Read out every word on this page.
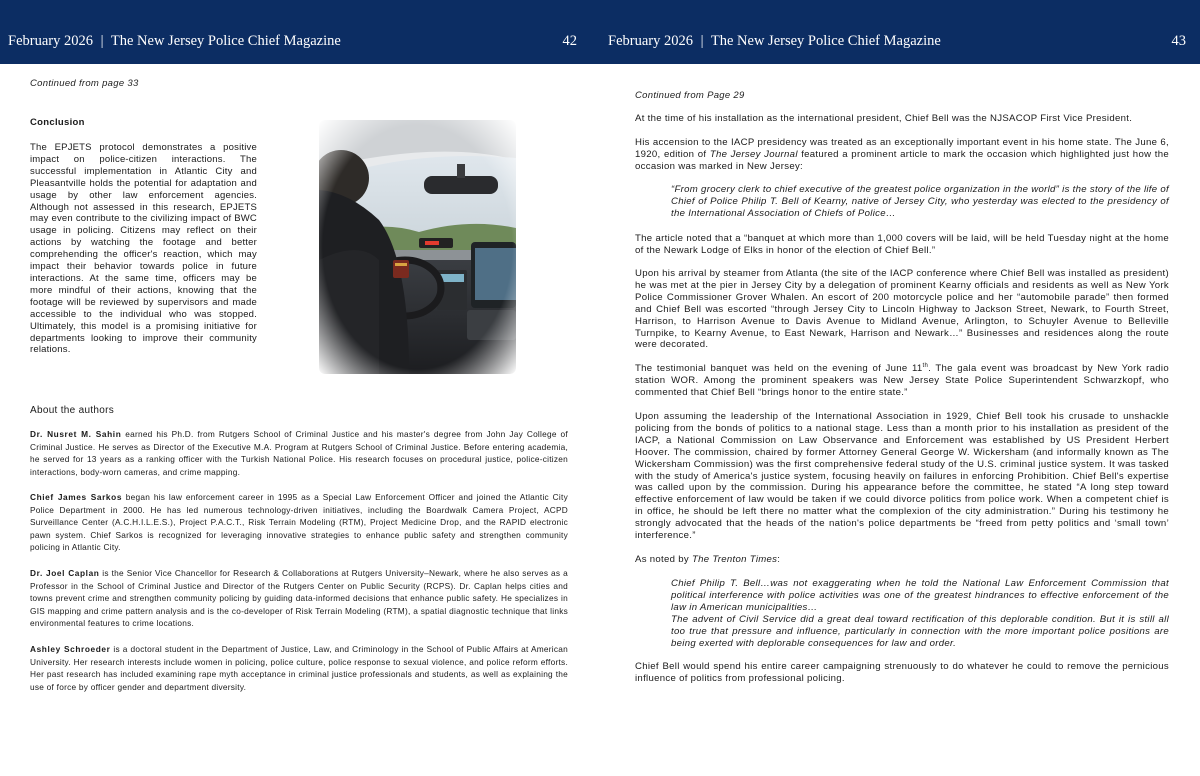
February 2026 | The New Jersey Police Chief Magazine	42
Continued from page 33
Conclusion

The EPJETS protocol demonstrates a positive impact on police-citizen interactions. The successful implementation in Atlantic City and Pleasantville holds the potential for adaptation and usage by other law enforcement agencies. Although not assessed in this research, EPJETS may even contribute to the civilizing impact of BWC usage in policing. Citizens may reflect on their actions by watching the footage and better comprehending the officer's reaction, which may impact their behavior towards police in future interactions. At the same time, officers may be more mindful of their actions, knowing that the footage will be reviewed by supervisors and made accessible to the individual who was stopped. Ultimately, this model is a promising initiative for departments looking to improve their community relations.

About the authors

Dr. Nusret M. Sahin earned his Ph.D. from Rutgers School of Criminal Justice and his master's degree from John Jay College of Criminal Justice. He serves as Director of the Executive M.A. Program at Rutgers School of Criminal Justice. Before entering academia, he served for 13 years as a ranking officer with the Turkish National Police. His research focuses on procedural justice, police-citizen interactions, body-worn cameras, and crime mapping.

Chief James Sarkos began his law enforcement career in 1995 as a Special Law Enforcement Officer and joined the Atlantic City Police Department in 2000. He has led numerous technology-driven initiatives, including the Boardwalk Camera Project, ACPD Surveillance Center (A.C.H.I.L.E.S.), Project P.A.C.T., Risk Terrain Modeling (RTM), Project Medicine Drop, and the RAPID electronic pawn system. Chief Sarkos is recognized for leveraging innovative strategies to enhance public safety and strengthen community policing in Atlantic City.

Dr. Joel Caplan is the Senior Vice Chancellor for Research & Collaborations at Rutgers University–Newark, where he also serves as a Professor in the School of Criminal Justice and Director of the Rutgers Center on Public Security (RCPS). Dr. Caplan helps cities and towns prevent crime and strengthen community policing by guiding data-informed decisions that enhance public safety. He specializes in GIS mapping and crime pattern analysis and is the co-developer of Risk Terrain Modeling (RTM), a spatial diagnostic technique that links environmental features to crime locations.

Ashley Schroeder is a doctoral student in the Department of Justice, Law, and Criminology in the School of Public Affairs at American University. Her research interests include women in policing, police culture, police response to sexual violence, and police reform efforts. Her past research has included examining rape myth acceptance in criminal justice professionals and students, as well as explaining the use of force by officer gender and department diversity.

February 2026 | The New Jersey Police Chief Magazine	43
Continued from Page 29

At the time of his installation as the international president, Chief Bell was the NJSACOP First Vice President.

His accension to the IACP presidency was treated as an exceptionally important event in his home state. The June 6, 1920, edition of The Jersey Journal featured a prominent article to mark the occasion which highlighted just how the occasion was marked in New Jersey:

“From grocery clerk to chief executive of the greatest police organization in the world” is the story of the life of Chief of Police Philip T. Bell of Kearny, native of Jersey City, who yesterday was elected to the presidency of the International Association of Chiefs of Police…

The article noted that a “banquet at which more than 1,000 covers will be laid, will be held Tuesday night at the home of the Newark Lodge of Elks in honor of the election of Chief Bell.”

Upon his arrival by steamer from Atlanta (the site of the IACP conference where Chief Bell was installed as president) he was met at the pier in Jersey City by a delegation of prominent Kearny officials and residents as well as New York Police Commissioner Grover Whalen. An escort of 200 motorcycle police and her “automobile parade” then formed and Chief Bell was escorted “through Jersey City to Lincoln Highway to Jackson Street, Newark, to Fourth Street, Harrison, to Harrison Avenue to Davis Avenue to Midland Avenue, Arlington, to Schuyler Avenue to Belleville Turnpike, to Kearny Avenue, to East Newark, Harrison and Newark…” Businesses and residences along the route were decorated.

The testimonial banquet was held on the evening of June 11th. The gala event was broadcast by New York radio station WOR. Among the prominent speakers was New Jersey State Police Superintendent Schwarzkopf, who commented that Chief Bell “brings honor to the entire state.”

Upon assuming the leadership of the International Association in 1929, Chief Bell took his crusade to unshackle policing from the bonds of politics to a national stage. Less than a month prior to his installation as president of the IACP, a National Commission on Law Observance and Enforcement was established by US President Herbert Hoover. The commission, chaired by former Attorney General George W. Wickersham (and informally known as The Wickersham Commission) was the first comprehensive federal study of the U.S. criminal justice system. It was tasked with the study of America's justice system, focusing heavily on failures in enforcing Prohibition. Chief Bell's expertise was called upon by the commission. During his appearance before the committee, he stated “A long step toward effective enforcement of law would be taken if we could divorce politics from police work. When a competent chief is in office, he should be left there no matter what the complexion of the city administration.” During his testimony he strongly advocated that the heads of the nation's police departments be “freed from petty politics and ‘small town’ interference.”

As noted by The Trenton Times:

Chief Philip T. Bell…was not exaggerating when he told the National Law Enforcement Commission that political interference with police activities was one of the greatest hindrances to effective enforcement of the law in American municipalities…

The advent of Civil Service did a great deal toward rectification of this deplorable condition. But it is still all too true that pressure and influence, particularly in connection with the more important police positions are being exerted with deplorable consequences for law and order.

Chief Bell would spend his entire career campaigning strenuously to do whatever he could to remove the pernicious influence of politics from professional policing.
